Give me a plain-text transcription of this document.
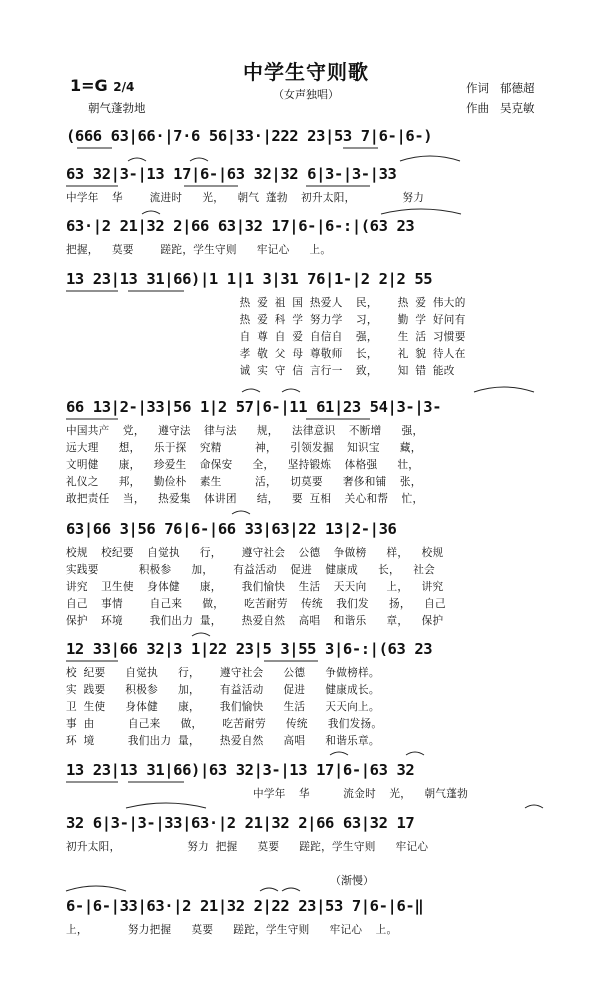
中学生守则歌
（女声独唱）
1=G 2/4
朝气蓬勃地
作词 郁德超
作曲 吴克敏
(666 63|66·|7·6 56|33·|222 23|53 7|6-|6-)
63 32|3-|13 17|6-|63 32|32 6|3-|3-|33
中学年  华    流进时   光，  朝气 蓬勃  初升太阳，       努力
63·|2 21|32 2|66 63|32 17|6-|6-:|(63 23
把握，  莫要    蹉跎，学生守则   牢记心   上。
13 23|13 31|66)|1 1|1 3|31 76|1-|2 2|2 55
热 爱 祖 国 热爱人  民，   热 爱 伟大的
热 爱 科 学 努力学  习，   勤 学 好问有
自 尊 自 爱 自信自  强，   生 活 习惯要
孝 敬 父 母 尊敬师  长，   礼 貌 待人在
诚 实 守 信 言行一  致，   知 错 能改
66 13|2-|33|56 1|2 57|6-|11 61|23 54|3-|3-
中国共产  党，  遵守法  律与法   规，  法律意识  不断增   强，
远大理   想，  乐于探  究精     神，  引领发掘  知识宝   藏，
文明健   康，  珍爱生  命保安   全，  坚持锻炼  体格强   壮，
礼仪之   邦，  勤俭朴  素生     活，  切莫要   奢侈和铺  张，
敢把责任  当，  热爱集  体讲团   结，  要 互相  关心和帮  忙，
63|66 3|56 76|6-|66 33|63|22 13|2-|36
校规  校纪要  自觉执   行，   遵守社会  公德  争做榜   样，  校规
实践要      积极参   加，   有益活动  促进  健康成   长，  社会
讲究  卫生使  身体健   康，   我们愉快  生活  天天向   上，  讲究
自己  事情    自己来   做，   吃苦耐劳  传统  我们发   扬，  自己
保护  环境    我们出力 量，   热爱自然  高唱  和谐乐   章，  保护
12 33|66 32|3 1|22 23|5 3|55 3|6-:|(63 23
校 纪要   自觉执   行，   遵守社会   公德   争做榜样。
实 践要   积极参   加，   有益活动   促进   健康成长。
卫 生使   身体健   康，   我们愉快   生活   天天向上。
事 由     自己来   做，   吃苦耐劳   传统   我们发扬。
环 境     我们出力 量，   热爱自然   高唱   和谐乐章。
13 23|13 31|66)|63 32|3-|13 17|6-|63 32
中学年  华     流金时  光，  朝气蓬勃
32 6|3-|3-|33|63·|2 21|32 2|66 63|32 17
初升太阳，          努力 把握   莫要   蹉跎，学生守则   牢记心
（渐慢）
6-|6-|33|63·|2 21|32 2|22 23|53 7|6-|6-‖
上，      努力把握   莫要   蹉跎，学生守则   牢记心  上。
